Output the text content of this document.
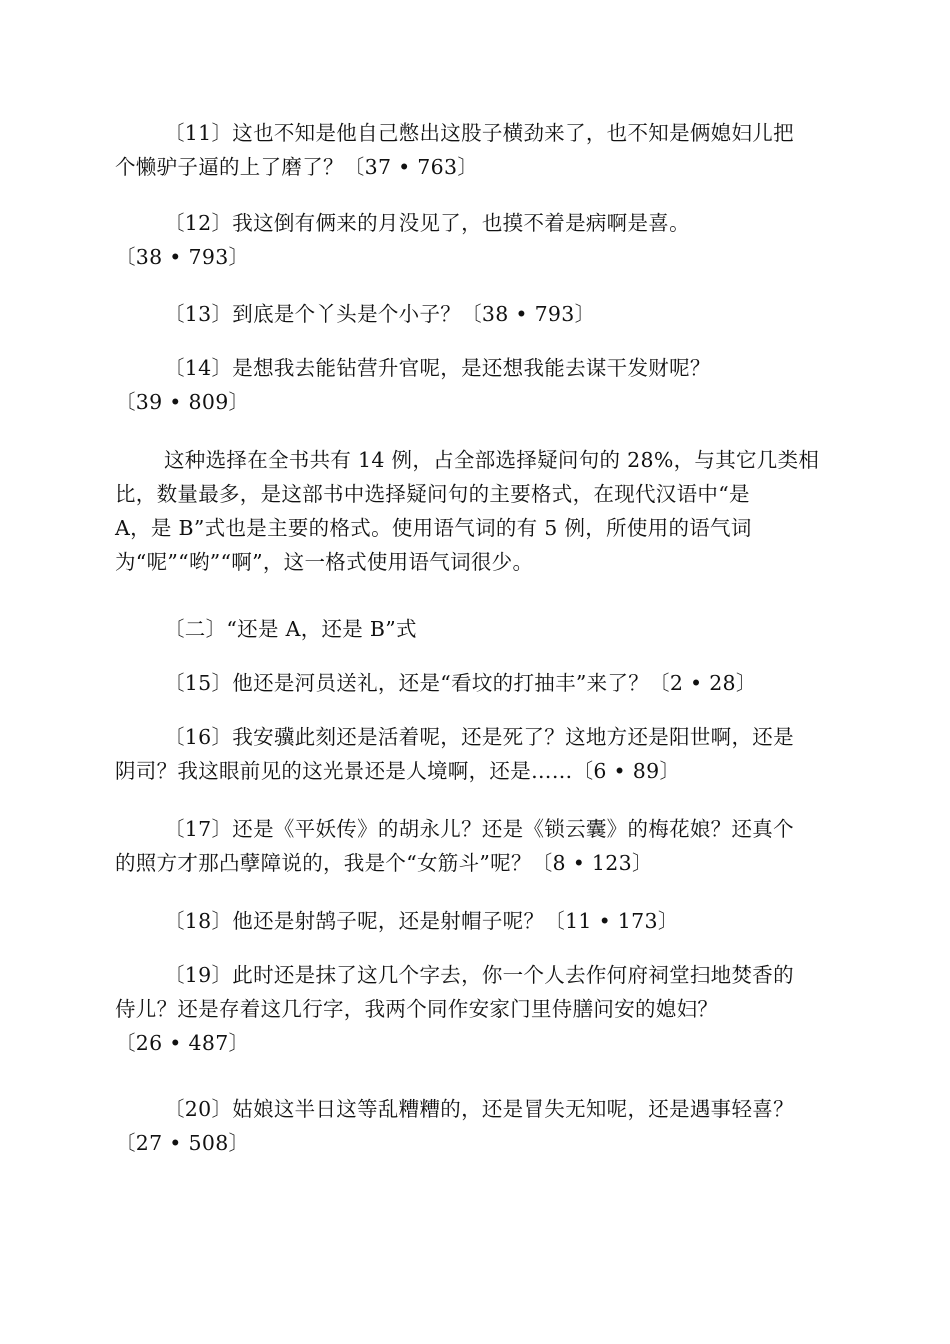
〔11〕这也不知是他自己憋出这股子横劲来了，也不知是俩媳妇儿把
个懒驴子逼的上了磨了？〔37 • 763〕

〔12〕我这倒有俩来的月没见了，也摸不着是病啊是喜。
〔38 • 793〕

〔13〕到底是个丫头是个小子？〔38 • 793〕

〔14〕是想我去能钻营升官呢，是还想我能去谋干发财呢？
〔39 • 809〕

这种选择在全书共有 14 例，占全部选择疑问句的 28%，与其它几类相
比，数量最多，是这部书中选择疑问句的主要格式，在现代汉语中“是
A，是 B”式也是主要的格式。使用语气词的有 5 例，所使用的语气词
为“呢”“哟”“啊”，这一格式使用语气词很少。

〔二〕“还是 A，还是 B”式

〔15〕他还是河员送礼，还是“看坟的打抽丰”来了？〔2 • 28〕

〔16〕我安骥此刻还是活着呢，还是死了？这地方还是阳世啊，还是
阴司？我这眼前见的这光景还是人境啊，还是……〔6 • 89〕

〔17〕还是《平妖传》的胡永儿？还是《锁云囊》的梅花娘？还真个
的照方才那凸孽障说的，我是个“女筋斗”呢？〔8 • 123〕

〔18〕他还是射鹄子呢，还是射帽子呢？〔11 • 173〕

〔19〕此时还是抹了这几个字去，你一个人去作何府祠堂扫地焚香的
侍儿？还是存着这几行字，我两个同作安家门里侍膳问安的媳妇？
〔26 • 487〕

〔20〕姑娘这半日这等乱糟糟的，还是冒失无知呢，还是遇事轻喜？
〔27 • 508〕
